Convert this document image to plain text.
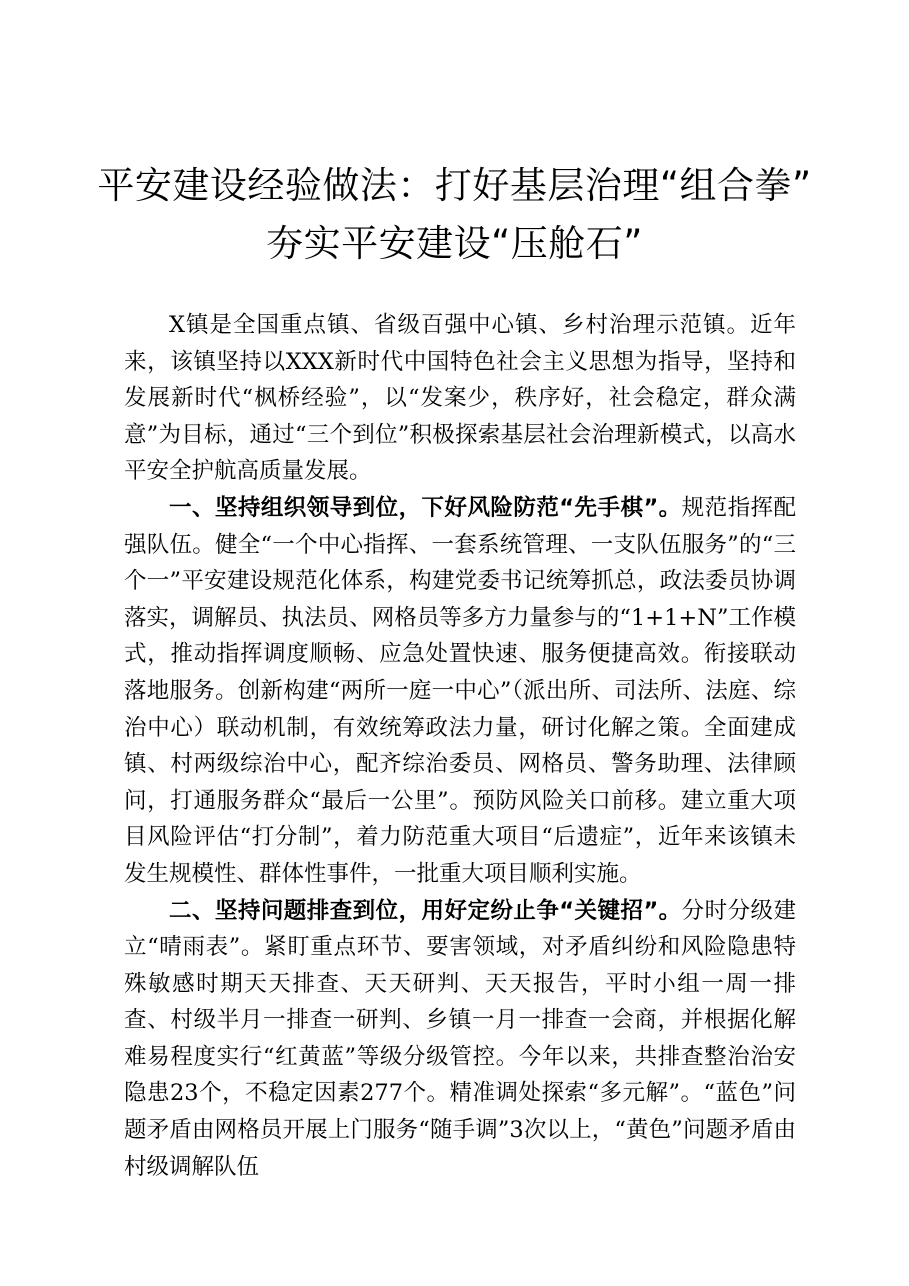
平安建设经验做法：打好基层治理“组合拳”
夯实平安建设“压舱石”

X镇是全国重点镇、省级百强中心镇、乡村治理示范镇。近年来，该镇坚持以XXX新时代中国特色社会主义思想为指导，坚持和发展新时代“枫桥经验”，以“发案少，秩序好，社会稳定，群众满意”为目标，通过“三个到位”积极探索基层社会治理新模式，以高水平安全护航高质量发展。

一、坚持组织领导到位，下好风险防范“先手棋”。规范指挥配强队伍。健全“一个中心指挥、一套系统管理、一支队伍服务”的“三个一”平安建设规范化体系，构建党委书记统筹抓总，政法委员协调落实，调解员、执法员、网格员等多方力量参与的“1+1+N”工作模式，推动指挥调度顺畅、应急处置快速、服务便捷高效。衔接联动落地服务。创新构建“两所一庭一中心”（派出所、司法所、法庭、综治中心）联动机制，有效统筹政法力量，研讨化解之策。全面建成镇、村两级综治中心，配齐综治委员、网格员、警务助理、法律顾问，打通服务群众“最后一公里”。预防风险关口前移。建立重大项目风险评估“打分制”，着力防范重大项目“后遗症”，近年来该镇未发生规模性、群体性事件，一批重大项目顺利实施。

二、坚持问题排查到位，用好定纷止争“关键招”。分时分级建立“晴雨表”。紧盯重点环节、要害领域，对矛盾纠纷和风险隐患特殊敏感时期天天排查、天天研判、天天报告，平时小组一周一排查、村级半月一排查一研判、乡镇一月一排查一会商，并根据化解难易程度实行“红黄蓝”等级分级管控。今年以来，共排查整治治安隐患23个，不稳定因素277个。精准调处探索“多元解”。“蓝色”问题矛盾由网格员开展上门服务“随手调”3次以上，“黄色”问题矛盾由村级调解队伍
